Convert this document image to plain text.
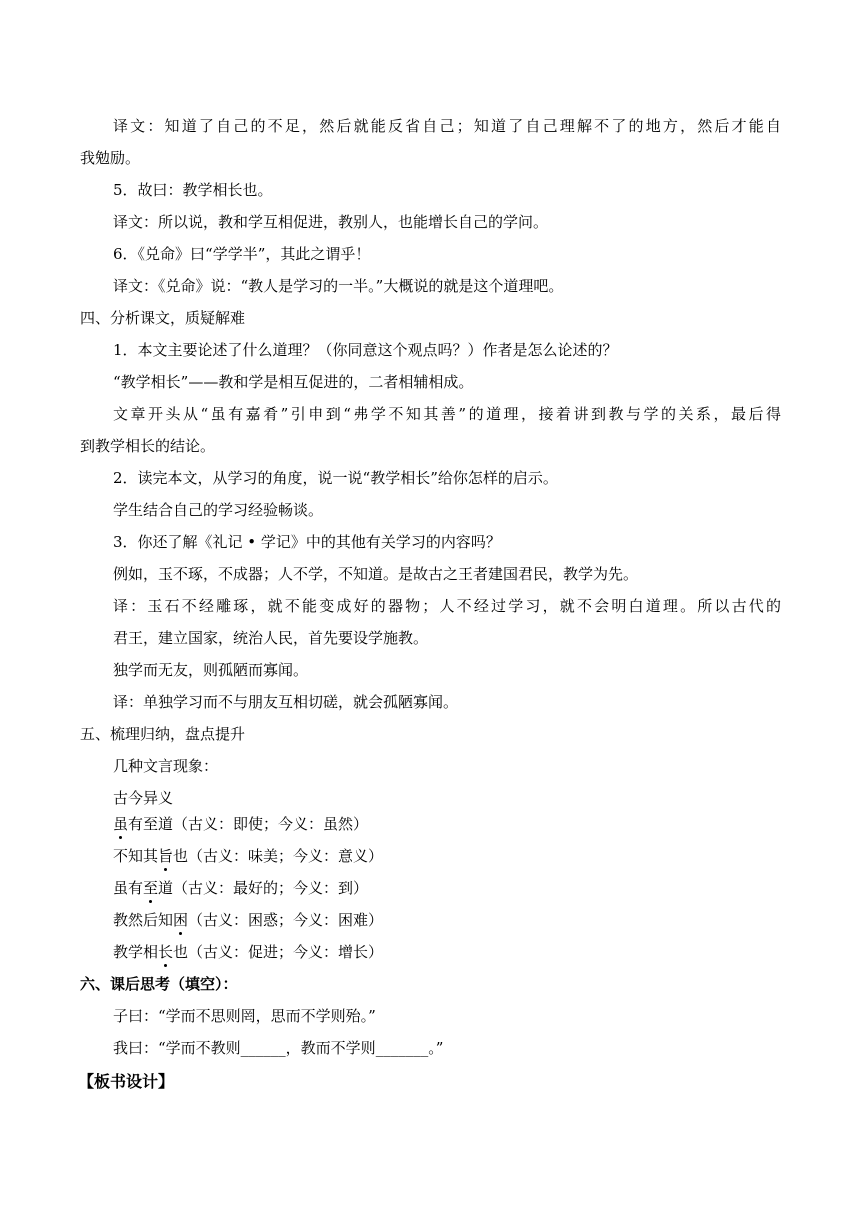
译文：知道了自己的不足，然后就能反省自己；知道了自己理解不了的地方，然后才能自
我勉励。
5．故曰：教学相长也。
译文：所以说，教和学互相促进，教别人，也能增长自己的学问。
6．《兑命》曰“学学半”，其此之谓乎！
译文：《兑命》说：“教人是学习的一半。”大概说的就是这个道理吧。
四、分析课文，质疑解难
1．本文主要论述了什么道理？（你同意这个观点吗？）作者是怎么论述的？
“教学相长”——教和学是相互促进的，二者相辅相成。
文章开头从“虽有嘉肴”引申到“弗学不知其善”的道理，接着讲到教与学的关系，最后得
到教学相长的结论。
2．读完本文，从学习的角度，说一说“教学相长”给你怎样的启示。
学生结合自己的学习经验畅谈。
3．你还了解《礼记 • 学记》中的其他有关学习的内容吗？
例如，玉不琢，不成器；人不学，不知道。是故古之王者建国君民，教学为先。
译：玉石不经雕琢，就不能变成好的器物；人不经过学习，就不会明白道理。所以古代的
君王，建立国家，统治人民，首先要设学施教。
独学而无友，则孤陋而寡闻。
译：单独学习而不与朋友互相切磋，就会孤陋寡闻。
五、梳理归纳，盘点提升
几种文言现象：
古今异义
虽有至道（古义：即使；今义：虽然）
不知其旨也（古义：味美；今义：意义）
虽有至道（古义：最好的；今义：到）
教然后知困（古义：困惑；今义：困难）
教学相长也（古义：促进；今义：增长）
六、课后思考（填空）：
子曰：“学而不思则罔，思而不学则殆。”
我曰：“学而不教则______，教而不学则_______。”
【板书设计】
